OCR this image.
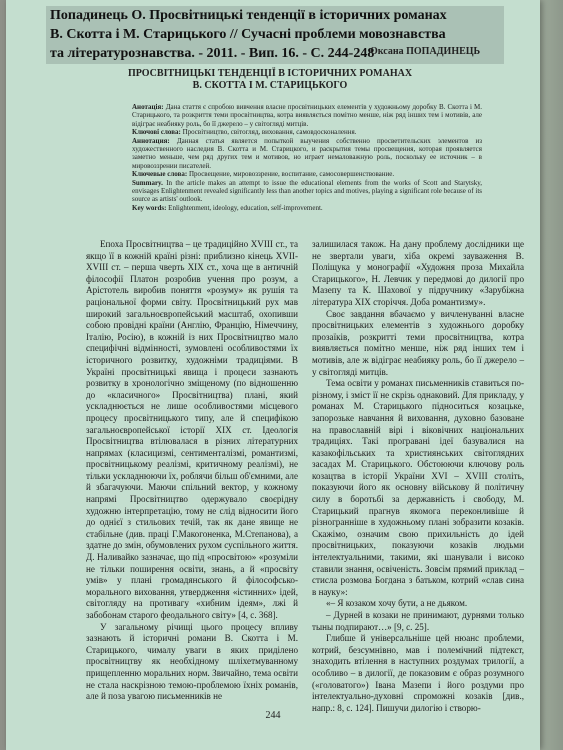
Попадинець О. Просвітницькі тенденції в історичних романах
В. Скотта і М. Старицького // Сучасні проблеми мовознавства
та літературознавства. - 2011. - Вип. 16. - С. 244-248
Оксана ПОПАДИНЕЦЬ
ПРОСВІТНИЦЬКІ ТЕНДЕНЦІЇ В ІСТОРИЧНИХ РОМАНАХ
В. СКОТТА І М. СТАРИЦЬКОГО

Анотація: Дана стаття є спробою вивчення власне просвітницьких елементів у художньому доробку В. Скотта і М. Старицького, та розкриття теми просвітництва, котра виявляється помітно менше, ніж ряд інших тем і мотивів, але відіграє неабияку роль, бо її джерело – у світогляді митців.

Ключові слова: Просвітництво, світогляд, виховання, самовдосконалення.

Аннотация: Данная статья является попыткой выучения собственно просветительских элементов из художественного наследия В. Скотта и М. Старицкого, и раскрытия темы просвещения, которая проявляется заметно меньше, чем ряд других тем и мотивов, но играет немаловажную роль, поскольку ее источник – в мировоззрении писателей.

Ключевые слова: Просвещение, мировоззрение, воспитание, самосовершенствование.

Summary. In the article makes an attempt to issue the educational elements from the works of Scott and Starytsky, envisages Enlightenment revealed significantly less than another topics and motives, playing a significant role because of its source as artists' outlook.

Key words: Enlightenment, ideology, education, self-improvement.

Епоха Просвітництва – це традиційно XVIII ст., та якщо її в кожній країні різні: приблизно кінець XVII-XVIII ст. – перша чверть XIX ст., хоча ще в античній філософії Платон розробив учення про розум, а Арістотель виробив поняття «розуму» як рушія та раціональної форми світу. Просвітницький рух мав широкий загальноєвропейський масштаб, охопивши собою провідні країни (Англію, Францію, Німеччину, Італію, Росію), в кожній із них Просвітництво мало специфічні відмінності, зумовлені особливостями їх історичного розвитку, художніми традиціями. В Україні просвітницькі явища і процеси зазнають розвитку в хронологічно зміщеному (по відношенню до «класичного» Просвітництва) плані, який ускладнюється не лише особливостями місцевого процесу просвітницького типу, але й специфікою загальноєвропейської історії XIX ст. Ідеологія Просвітництва втілювалася в різних літературних напрямах (класицизмі, сентименталізмі, романтизмі, просвітницькому реалізмі, критичному реалізмі), не тільки ускладнюючи їх, роблячи більш об'ємними, але й збагачуючи. Маючи спільний вектор, у кожному напрямі Просвітництво одержувало своєрідну художню інтерпретацію, тому не слід відносити його до однієї з стильових течій, так як дане явище не стабільне (див. праці Г.Макогоненка, М.Степанова), а здатне до змін, обумовлених рухом суспільного життя. Д. Наливайко зазначає, що під «просвітою» «розуміли не тільки поширення освіти, знань, а й «просвіту умів» у плані громадянського й філософсько-морального виховання, утвердження «істинних» ідей, світогляду на противагу «хибним ідеям», лжі й забобонам старого феодального світу» [4, с. 368].

У загальному річищі цього процесу впливу зазнають й історичні романи В. Скотта і М. Старицького, чималу уваги в яких приділено просвітництву як необхідному шліхетмуванному прищепленню моральних норм. Звичайно, тема освіти не стала наскрізною темою-проблемою їхніх романів, але й поза увагою письменників не

залишилася також. На дану проблему дослідники ще не звертали уваги, хіба окремі зауваження В. Поліщука у монографії «Художня проза Михайла Старицького», Н. Левчик у передмові до дилогії про Мазепу та К. Шахової у підручнику «Зарубіжна література XIX сторіччя. Доба романтизму».

Своє завдання вбачаємо у вичленуванні власне просвітницьких елементів з художнього доробку прозаїків, розкритті теми просвітництва, котра виявляється помітно менше, ніж ряд інших тем і мотивів, але ж відіграє неабияку роль, бо її джерело – у світогляді митців.

Тема освіти у романах письменників ставиться по-різному, і зміст її не скрізь однаковий. Для прикладу, у романах М. Старицького підноситься козацьке, запорозьке навчання й виховання, духовно базоване на православній вірі і віковічних національних традиціях. Такі програвані ідеї базувалися на казакофільських та християнських світоглядних засадах М. Старицького. Обстоюючи ключову роль козацтва в історії України XVI – XVIII століть, показуючи його як основну військову й політичну силу в боротьбі за державність і свободу, М. Старицький прагнув якомога переконливіше й різнограннiше в художньому плані зобразити козаків. Скажімо, означим свою прихильність до ідей просвітницьких, показуючи козаків людьми інтелектуальними, такими, які шанували і високо ставили знання, освіченість. Зовсім прямий приклад – стисла розмова Богдана з батьком, котрий «слав сина в науку»:

«– Я козаком хочу бути, а не дьяком.

– Дурней в козаки не принимают, дурнями только тыны подпирают…» [9, с. 25].

Глибше й універсальніше цей нюанс проблеми, котрий, безсумнівно, мав і полемічний підтекст, знаходить втілення в наступних роздумах трилогії, а особливо – в дилогії, де показовим є образ розумного («головатого») Івана Мазепи і його роздуми про інтелектуально-духовні спроможні козаків [див., напр.: 8, с. 124]. Пишучи дилогію і створю-

244
